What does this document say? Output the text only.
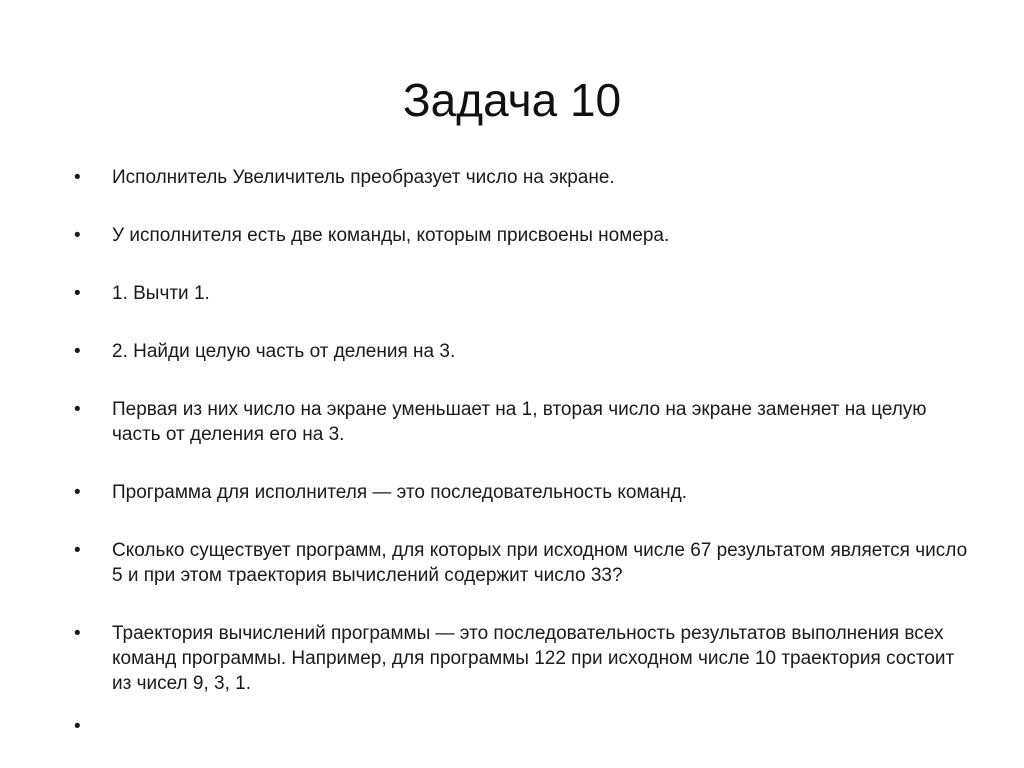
Задача 10
•	Исполнитель Увеличитель преобразует число на экране.
•	У исполнителя есть две команды, которым присвоены номера.
•	1. Вычти 1.
•	2. Найди целую часть от деления на 3.
•	Первая из них число на экране уменьшает на 1, вторая число на экране заменяет на целую часть от деления его на 3.
•	Программа для исполнителя — это последовательность команд.
•	Сколько существует программ, для которых при исходном числе 67 результатом является число 5 и при этом траектория вычислений содержит число 33?
•	Траектория вычислений программы — это последовательность результатов выполнения всех команд программы. Например, для программы 122 при исходном числе 10 траектория состоит из чисел 9, 3, 1.
•
